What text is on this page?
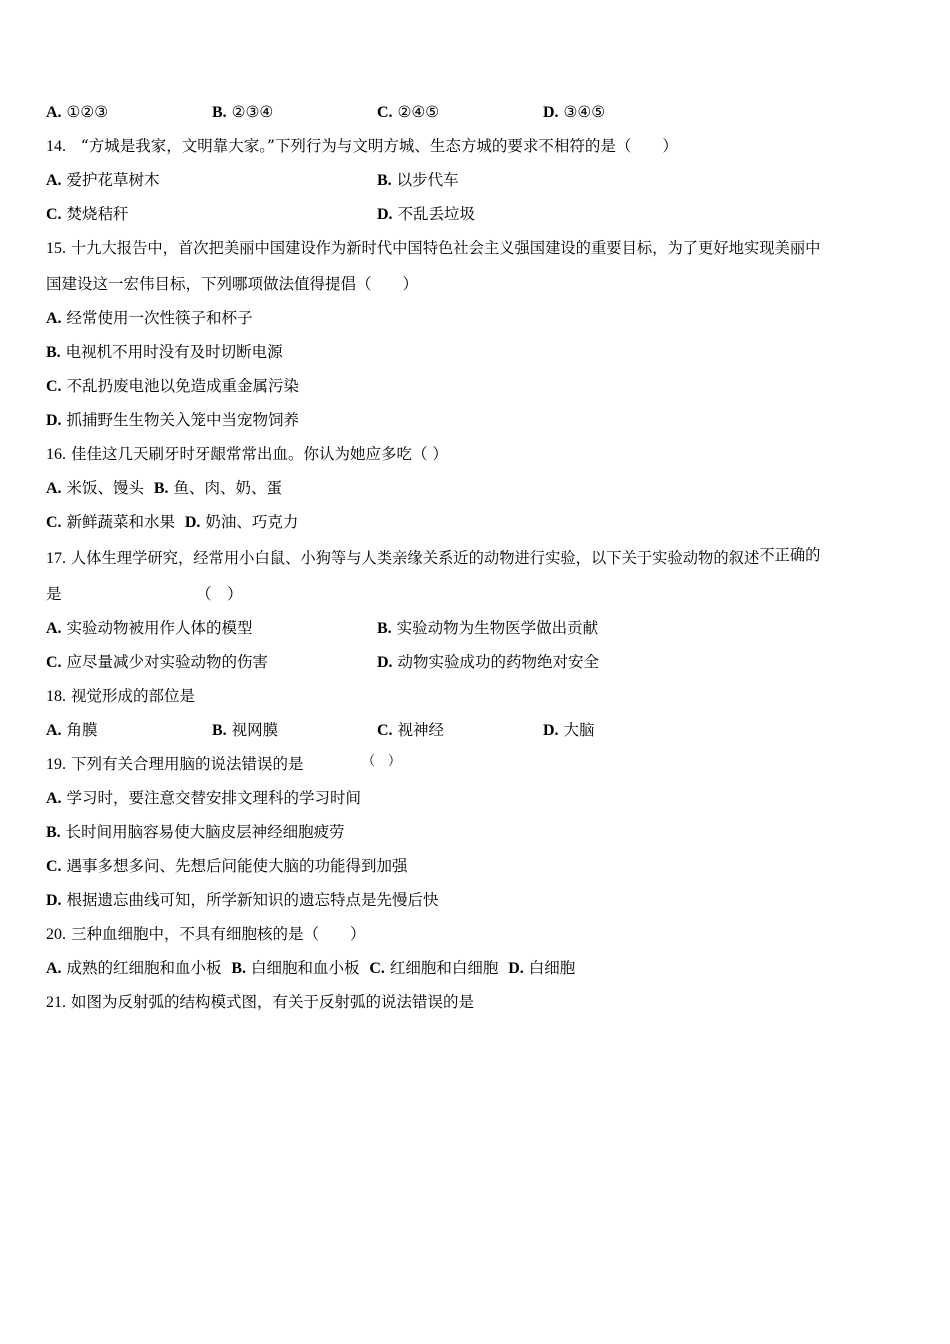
A. ①②③	B. ②③④	C. ②④⑤	D. ③④⑤
14. “方城是我家，文明靠大家。”下列行为与文明方城、生态方城的要求不相符的是（　　）
A. 爱护花草树木	B. 以步代车
C. 焚烧秸秆	D. 不乱丢垃圾
15. 十九大报告中，首次把美丽中国建设作为新时代中国特色社会主义强国建设的重要目标，为了更好地实现美丽中
国建设这一宏伟目标，下列哪项做法值得提倡（　　）
A. 经常使用一次性筷子和杯子
B. 电视机不用时没有及时切断电源
C. 不乱扔废电池以免造成重金属污染
D. 抓捕野生生物关入笼中当宠物饲养
16. 佳佳这几天刷牙时牙龈常常出血。你认为她应多吃（ ）
A. 米饭、馒头 B. 鱼、肉、奶、蛋
C. 新鲜蔬菜和水果 D. 奶油、巧克力
17. 人体生理学研究，经常用小白鼠、小狗等与人类亲缘关系近的动物进行实验，以下关于实验动物的叙述不正确的
是	（　）
A. 实验动物被用作人体的模型	B. 实验动物为生物医学做出贡献
C. 应尽量减少对实验动物的伤害	D. 动物实验成功的药物绝对安全
18. 视觉形成的部位是
A. 角膜	B. 视网膜	C. 视神经	D. 大脑
19. 下列有关合理用脑的说法错误的是	（　）
A. 学习时，要注意交替安排文理科的学习时间
B. 长时间用脑容易使大脑皮层神经细胞疲劳
C. 遇事多想多问、先想后问能使大脑的功能得到加强
D. 根据遗忘曲线可知，所学新知识的遗忘特点是先慢后快
20. 三种血细胞中，不具有细胞核的是（　　）
A. 成熟的红细胞和血小板 B. 白细胞和血小板 C. 红细胞和白细胞 D. 白细胞
21. 如图为反射弧的结构模式图，有关于反射弧的说法错误的是
